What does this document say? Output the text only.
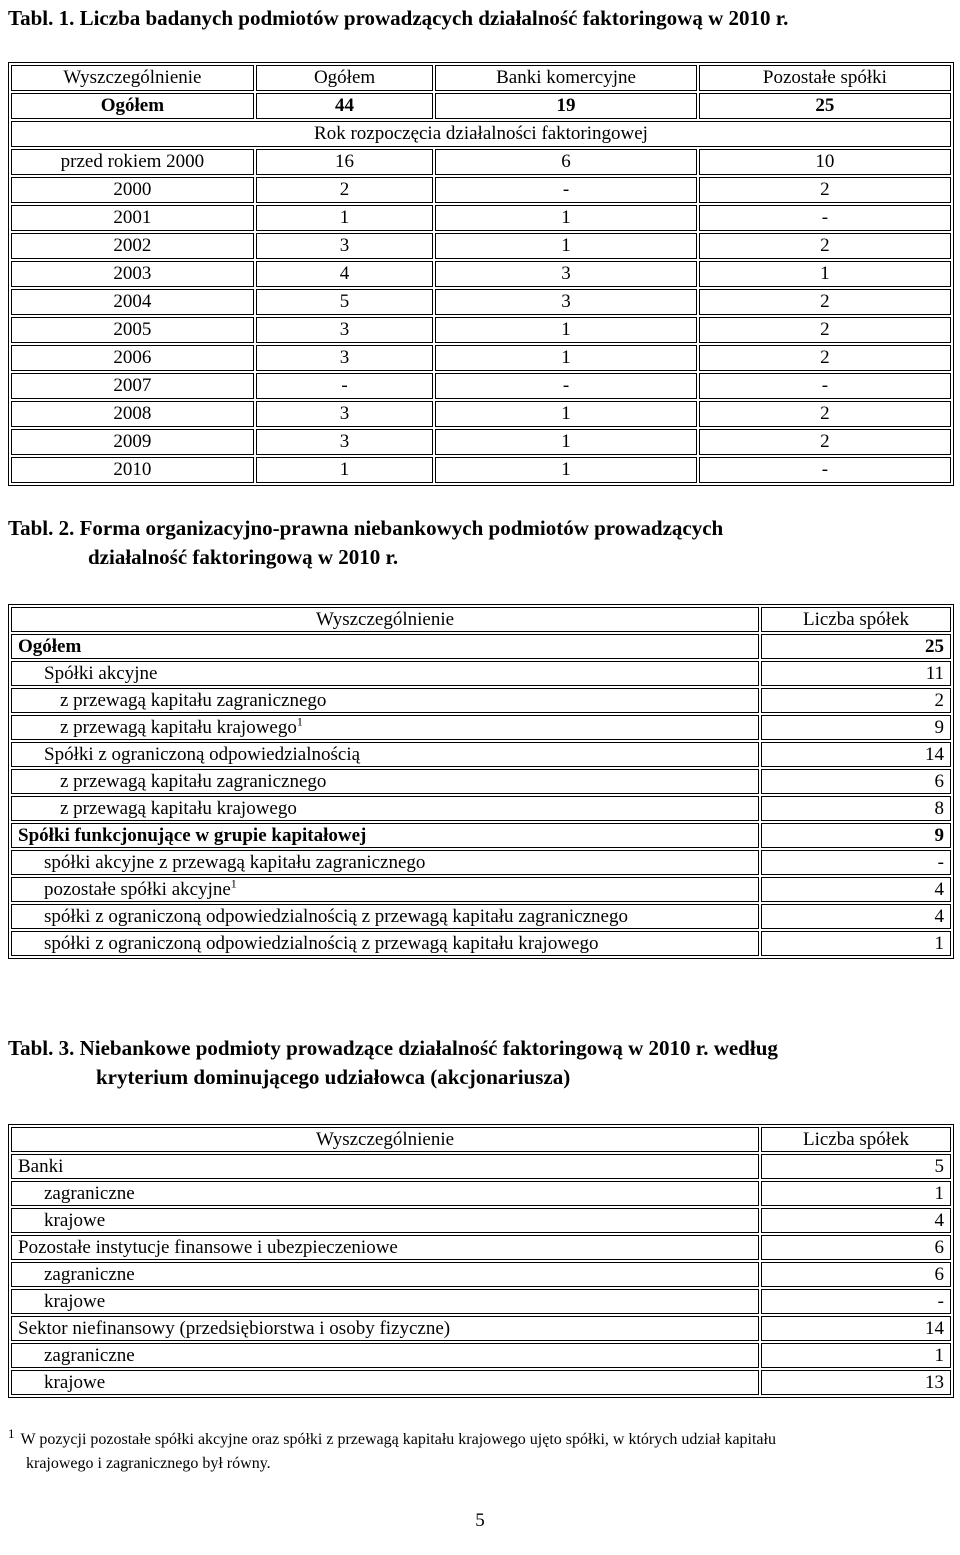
Tabl. 1. Liczba badanych podmiotów prowadzących działalność faktoringową w 2010 r.
Wyszczególnienie	Ogółem	Banki komercyjne	Pozostałe spółki
Ogółem	44	19	25
Rok rozpoczęcia działalności faktoringowej			
przed rokiem 2000	16	6	10
2000	2	-	2
2001	1	1	-
2002	3	1	2
2003	4	3	1
2004	5	3	2
2005	3	1	2
2006	3	1	2
2007	-	-	-
2008	3	1	2
2009	3	1	2
2010	1	1	-
Tabl. 2. Forma organizacyjno-prawna niebankowych podmiotów prowadzących
działalność faktoringową w 2010 r.
Wyszczególnienie	Liczba spółek
Ogółem	25
Spółki akcyjne	11
z przewagą kapitału zagranicznego	2
z przewagą kapitału krajowego$^1$	9
Spółki z ograniczoną odpowiedzialnością	14
z przewagą kapitału zagranicznego	6
z przewagą kapitału krajowego	8
Spółki funkcjonujące w grupie kapitałowej	9
spółki akcyjne z przewagą kapitału zagranicznego	-
pozostałe spółki akcyjne$^1$	4
spółki z ograniczoną odpowiedzialnością z przewagą kapitału zagranicznego	4
spółki z ograniczoną odpowiedzialnością z przewagą kapitału krajowego	1
Tabl. 3. Niebankowe podmioty prowadzące działalność faktoringową w 2010 r. według
kryterium dominującego udziałowca (akcjonariusza)
Wyszczególnienie	Liczba spółek
Banki	5
zagraniczne	1
krajowe	4
Pozostałe instytucje finansowe i ubezpieczeniowe	6
zagraniczne	6
krajowe	-
Sektor niefinansowy (przedsiębiorstwa i osoby fizyczne)	14
zagraniczne	1
krajowe	13
$^1$ W pozycji pozostałe spółki akcyjne oraz spółki z przewagą kapitału krajowego ujęto spółki, w których udział kapitału
krajowego i zagranicznego był równy.
5
